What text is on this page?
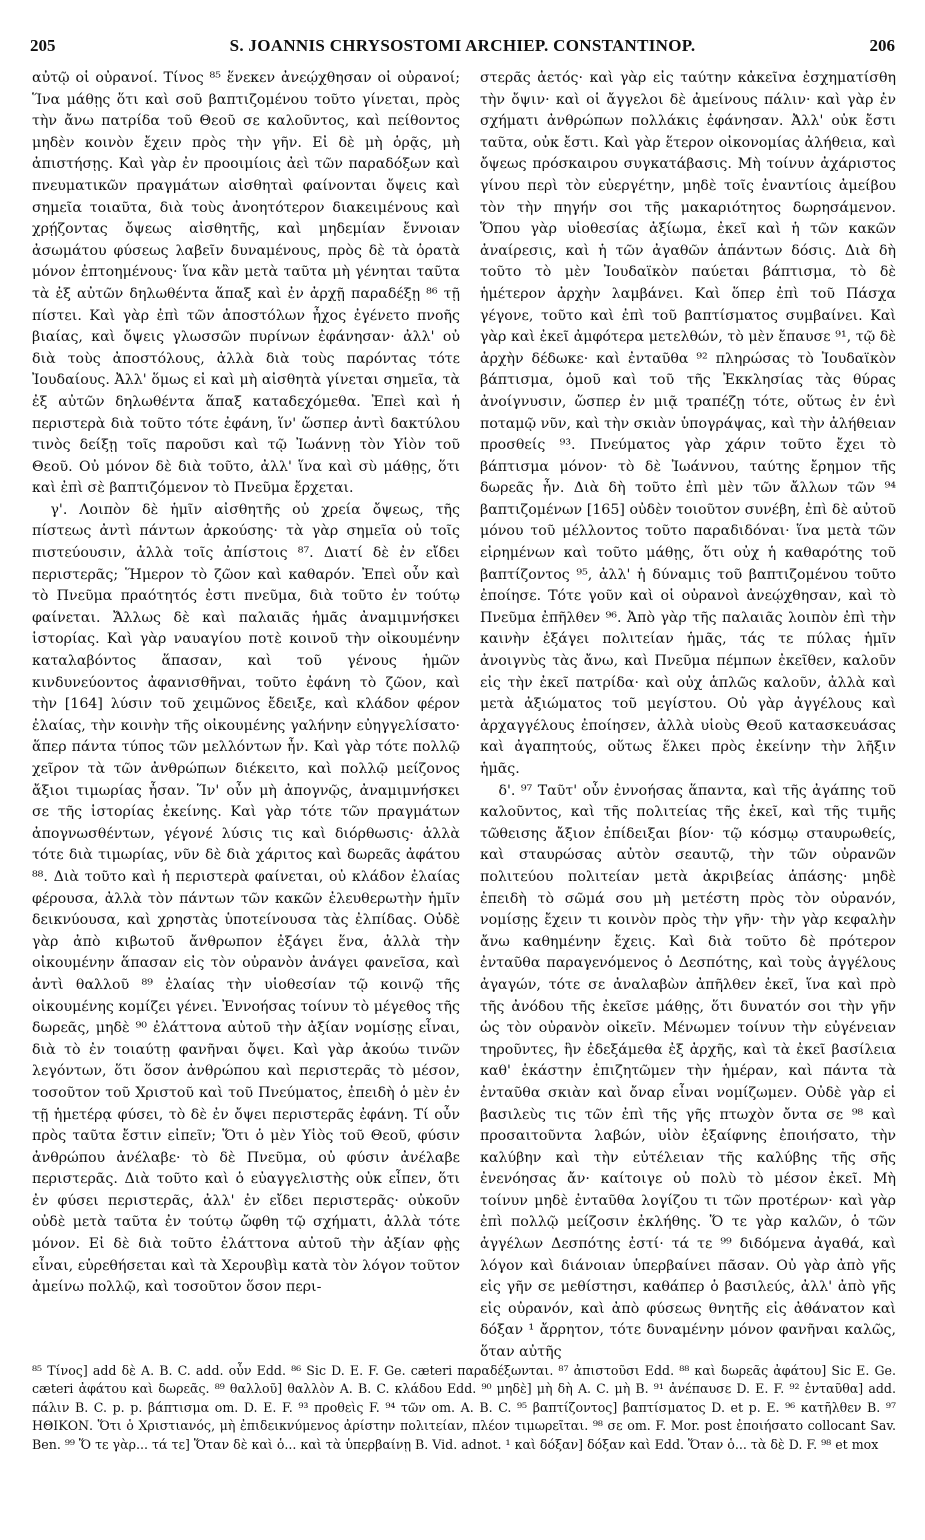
205	S. JOANNIS CHRYSOSTOMI ARCHIEP. CONSTANTINOP.	206

αὐτῷ οἱ οὐρανοί. Τίνος ⁸⁵ ἕνεκεν ἀνεῴχθησαν οἱ οὐρανοί; Ἵνα μάθῃς ὅτι καὶ σοῦ βαπτιζομένου τοῦτο γίνεται, πρὸς τὴν ἄνω πατρίδα τοῦ Θεοῦ σε καλοῦντος, καὶ πείθοντος μηδὲν κοινὸν ἔχειν πρὸς τὴν γῆν. Εἰ δὲ μὴ ὁρᾷς, μὴ ἀπιστήσῃς. Καὶ γὰρ ἐν προοιμίοις ἀεὶ τῶν παραδόξων καὶ πνευματικῶν πραγμάτων αἰσθηταὶ φαίνονται ὄψεις καὶ σημεῖα τοιαῦτα, διὰ τοὺς ἀνοητότερον διακειμένους καὶ χρῄζοντας ὄψεως αἰσθητῆς, καὶ μηδεμίαν ἔννοιαν ἀσωμάτου φύσεως λαβεῖν δυναμένους, πρὸς δὲ τὰ ὁρατὰ μόνον ἐπτοημένους· ἵνα κἂν μετὰ ταῦτα μὴ γένηται ταῦτα τὰ ἐξ αὐτῶν δηλωθέντα ἅπαξ καὶ ἐν ἀρχῇ παραδέξῃ ⁸⁶ τῇ πίστει. Καὶ γὰρ ἐπὶ τῶν ἀποστόλων ἦχος ἐγένετο πνοῆς βιαίας, καὶ ὄψεις γλωσσῶν πυρίνων ἐφάνησαν· ἀλλ' οὐ διὰ τοὺς ἀποστόλους, ἀλλὰ διὰ τοὺς παρόντας τότε Ἰουδαίους. Ἀλλ' ὅμως εἰ καὶ μὴ αἰσθητὰ γίνεται σημεῖα, τὰ ἐξ αὐτῶν δηλωθέντα ἅπαξ καταδεχόμεθα. Ἐπεὶ καὶ ἡ περιστερὰ διὰ τοῦτο τότε ἐφάνη, ἵν' ὥσπερ ἀντὶ δακτύλου τινὸς δείξῃ τοῖς παροῦσι καὶ τῷ Ἰωάννῃ τὸν Υἱὸν τοῦ Θεοῦ. Οὐ μόνον δὲ διὰ τοῦτο, ἀλλ' ἵνα καὶ σὺ μάθῃς, ὅτι καὶ ἐπὶ σὲ βαπτιζόμενον τὸ Πνεῦμα ἔρχεται.

γ'. Λοιπὸν δὲ ἡμῖν αἰσθητῆς οὐ χρεία ὄψεως, τῆς πίστεως ἀντὶ πάντων ἀρκούσης· τὰ γὰρ σημεῖα οὐ τοῖς πιστεύουσιν, ἀλλὰ τοῖς ἀπίστοις ⁸⁷. Διατί δὲ ἐν εἴδει περιστερᾶς; Ἥμερον τὸ ζῶον καὶ καθαρόν. Ἐπεὶ οὖν καὶ τὸ Πνεῦμα πραότητός ἐστι πνεῦμα, διὰ τοῦτο ἐν τούτῳ φαίνεται. Ἄλλως δὲ καὶ παλαιᾶς ἡμᾶς ἀναμιμνήσκει ἱστορίας. Καὶ γὰρ ναυαγίου ποτὲ κοινοῦ τὴν οἰκουμένην καταλαβόντος ἅπασαν, καὶ τοῦ γένους ἡμῶν κινδυνεύοντος ἀφανισθῆναι, τοῦτο ἐφάνη τὸ ζῶον, καὶ τὴν [164] λύσιν τοῦ χειμῶνος ἔδειξε, καὶ κλάδον φέρον ἐλαίας, τὴν κοινὴν τῆς οἰκουμένης γαλήνην εὐηγγελίσατο· ἅπερ πάντα τύπος τῶν μελλόντων ἦν. Καὶ γὰρ τότε πολλῷ χεῖρον τὰ τῶν ἀνθρώπων διέκειτο, καὶ πολλῷ μείζονος ἄξιοι τιμωρίας ἦσαν. Ἵν' οὖν μὴ ἀπογνῷς, ἀναμιμνήσκει σε τῆς ἱστορίας ἐκείνης. Καὶ γὰρ τότε τῶν πραγμάτων ἀπογνωσθέντων, γέγονέ λύσις τις καὶ διόρθωσις· ἀλλὰ τότε διὰ τιμωρίας, νῦν δὲ διὰ χάριτος καὶ δωρεᾶς ἀφάτου ⁸⁸. Διὰ τοῦτο καὶ ἡ περιστερὰ φαίνεται, οὐ κλάδον ἐλαίας φέρουσα, ἀλλὰ τὸν πάντων τῶν κακῶν ἐλευθερωτὴν ἡμῖν δεικνύουσα, καὶ χρηστὰς ὑποτείνουσα τὰς ἐλπίδας. Οὐδὲ γὰρ ἀπὸ κιβωτοῦ ἄνθρωπον ἐξάγει ἕνα, ἀλλὰ τὴν οἰκουμένην ἅπασαν εἰς τὸν οὐρανὸν ἀνάγει φανεῖσα, καὶ ἀντὶ θαλλοῦ ⁸⁹ ἐλαίας τὴν υἱοθεσίαν τῷ κοινῷ τῆς οἰκουμένης κομίζει γένει. Ἐννοήσας τοίνυν τὸ μέγεθος τῆς δωρεᾶς, μηδὲ ⁹⁰ ἐλάττονα αὐτοῦ τὴν ἀξίαν νομίσῃς εἶναι, διὰ τὸ ἐν τοιαύτῃ φανῆναι ὄψει. Καὶ γὰρ ἀκούω τινῶν λεγόντων, ὅτι ὅσον ἀνθρώπου καὶ περιστερᾶς τὸ μέσον, τοσοῦτον τοῦ Χριστοῦ καὶ τοῦ Πνεύματος, ἐπειδὴ ὁ μὲν ἐν τῇ ἡμετέρᾳ φύσει, τὸ δὲ ἐν ὄψει περιστερᾶς ἐφάνη. Τί οὖν πρὸς ταῦτα ἔστιν εἰπεῖν; Ὅτι ὁ μὲν Υἱὸς τοῦ Θεοῦ, φύσιν ἀνθρώπου ἀνέλαβε· τὸ δὲ Πνεῦμα, οὐ φύσιν ἀνέλαβε περιστερᾶς. Διὰ τοῦτο καὶ ὁ εὐαγγελιστὴς οὐκ εἶπεν, ὅτι ἐν φύσει περιστερᾶς, ἀλλ' ἐν εἴδει περιστερᾶς· οὐκοῦν οὐδὲ μετὰ ταῦτα ἐν τούτῳ ὤφθη τῷ σχήματι, ἀλλὰ τότε μόνον. Εἰ δὲ διὰ τοῦτο ἐλάττονα αὐτοῦ τὴν ἀξίαν φῂς εἶναι, εὑρεθήσεται καὶ τὰ Χερουβὶμ κατὰ τὸν λόγον τοῦτον ἀμείνω πολλῷ, καὶ τοσοῦτον ὅσον περι-

στερᾶς ἀετός· καὶ γὰρ εἰς ταύτην κἀκεῖνα ἐσχηματίσθη τὴν ὄψιν· καὶ οἱ ἄγγελοι δὲ ἀμείνους πάλιν· καὶ γὰρ ἐν σχήματι ἀνθρώπων πολλάκις ἐφάνησαν. Ἀλλ' οὐκ ἔστι ταῦτα, οὐκ ἔστι. Καὶ γὰρ ἕτερον οἰκονομίας ἀλήθεια, καὶ ὄψεως πρόσκαιρου συγκατάβασις. Μὴ τοίνυν ἀχάριστος γίνου περὶ τὸν εὐεργέτην, μηδὲ τοῖς ἐναντίοις ἀμείβου τὸν τὴν πηγήν σοι τῆς μακαριότητος δωρησάμενον. Ὅπου γὰρ υἱοθεσίας ἀξίωμα, ἐκεῖ καὶ ἡ τῶν κακῶν ἀναίρεσις, καὶ ἡ τῶν ἀγαθῶν ἁπάντων δόσις. Διὰ δὴ τοῦτο τὸ μὲν Ἰουδαϊκὸν παύεται βάπτισμα, τὸ δὲ ἡμέτερον ἀρχὴν λαμβάνει. Καὶ ὅπερ ἐπὶ τοῦ Πάσχα γέγονε, τοῦτο καὶ ἐπὶ τοῦ βαπτίσματος συμβαίνει. Καὶ γὰρ καὶ ἐκεῖ ἀμφότερα μετελθών, τὸ μὲν ἔπαυσε ⁹¹, τῷ δὲ ἀρχὴν δέδωκε· καὶ ἐνταῦθα ⁹² πληρώσας τὸ Ἰουδαϊκὸν βάπτισμα, ὁμοῦ καὶ τοῦ τῆς Ἐκκλησίας τὰς θύρας ἀνοίγνυσιν, ὥσπερ ἐν μιᾷ τραπέζῃ τότε, οὕτως ἐν ἑνὶ ποταμῷ νῦν, καὶ τὴν σκιὰν ὑπογράψας, καὶ τὴν ἀλήθειαν προσθείς ⁹³. Πνεύματος γὰρ χάριν τοῦτο ἔχει τὸ βάπτισμα μόνον· τὸ δὲ Ἰωάννου, ταύτης ἔρημον τῆς δωρεᾶς ἦν. Διὰ δὴ τοῦτο ἐπὶ μὲν τῶν ἄλλων τῶν ⁹⁴ βαπτιζομένων [165] οὐδὲν τοιοῦτον συνέβη, ἐπὶ δὲ αὐτοῦ μόνου τοῦ μέλλοντος τοῦτο παραδιδόναι· ἵνα μετὰ τῶν εἰρημένων καὶ τοῦτο μάθῃς, ὅτι οὐχ ἡ καθαρότης τοῦ βαπτίζοντος ⁹⁵, ἀλλ' ἡ δύναμις τοῦ βαπτιζομένου τοῦτο ἐποίησε. Τότε γοῦν καὶ οἱ οὐρανοὶ ἀνεῴχθησαν, καὶ τὸ Πνεῦμα ἐπῆλθεν ⁹⁶. Ἀπὸ γὰρ τῆς παλαιᾶς λοιπὸν ἐπὶ τὴν καινὴν ἐξάγει πολιτείαν ἡμᾶς, τάς τε πύλας ἡμῖν ἀνοιγνὺς τὰς ἄνω, καὶ Πνεῦμα πέμπων ἐκεῖθεν, καλοῦν εἰς τὴν ἐκεῖ πατρίδα· καὶ οὐχ ἁπλῶς καλοῦν, ἀλλὰ καὶ μετὰ ἀξιώματος τοῦ μεγίστου. Οὐ γὰρ ἀγγέλους καὶ ἀρχαγγέλους ἐποίησεν, ἀλλὰ υἱοὺς Θεοῦ κατασκευάσας καὶ ἀγαπητούς, οὕτως ἕλκει πρὸς ἐκείνην τὴν λῆξιν ἡμᾶς.

δ'. ⁹⁷ Ταῦτ' οὖν ἐννοήσας ἅπαντα, καὶ τῆς ἀγάπης τοῦ καλοῦντος, καὶ τῆς πολιτείας τῆς ἐκεῖ, καὶ τῆς τιμῆς τῶθεισης ἄξιον ἐπίδειξαι βίον· τῷ κόσμῳ σταυρωθείς, καὶ σταυρώσας αὐτὸν σεαυτῷ, τὴν τῶν οὐρανῶν πολιτεύου πολιτείαν μετὰ ἀκριβείας ἁπάσης· μηδὲ ἐπειδὴ τὸ σῶμά σου μὴ μετέστη πρὸς τὸν οὐρανόν, νομίσῃς ἔχειν τι κοινὸν πρὸς τὴν γῆν· τὴν γὰρ κεφαλὴν ἄνω καθημένην ἔχεις. Καὶ διὰ τοῦτο δὲ πρότερον ἐνταῦθα παραγενόμενος ὁ Δεσπότης, καὶ τοὺς ἀγγέλους ἀγαγών, τότε σε ἀναλαβὼν ἀπῆλθεν ἐκεῖ, ἵνα καὶ πρὸ τῆς ἀνόδου τῆς ἐκεῖσε μάθῃς, ὅτι δυνατόν σοι τὴν γῆν ὡς τὸν οὐρανὸν οἰκεῖν. Μένωμεν τοίνυν τὴν εὐγένειαν τηροῦντες, ἣν ἐδεξάμεθα ἐξ ἀρχῆς, καὶ τὰ ἐκεῖ βασίλεια καθ' ἑκάστην ἐπιζητῶμεν τὴν ἡμέραν, καὶ πάντα τὰ ἐνταῦθα σκιὰν καὶ ὄναρ εἶναι νομίζωμεν. Οὐδὲ γὰρ εἰ βασιλεὺς τις τῶν ἐπὶ τῆς γῆς πτωχὸν ὄντα σε ⁹⁸ καὶ προσαιτοῦντα λαβών, υἱὸν ἐξαίφνης ἐποιήσατο, τὴν καλύβην καὶ τὴν εὐτέλειαν τῆς καλύβης τῆς σῆς ἐνενόησας ἄν· καίτοιγε οὐ πολὺ τὸ μέσον ἐκεῖ. Μὴ τοίνυν μηδὲ ἐνταῦθα λογίζου τι τῶν προτέρων· καὶ γὰρ ἐπὶ πολλῷ μείζοσιν ἐκλήθης. Ὅ τε γὰρ καλῶν, ὁ τῶν ἀγγέλων Δεσπότης ἐστί· τά τε ⁹⁹ διδόμενα ἀγαθά, καὶ λόγον καὶ διάνοιαν ὑπερβαίνει πᾶσαν. Οὐ γὰρ ἀπὸ γῆς εἰς γῆν σε μεθίστησι, καθάπερ ὁ βασιλεύς, ἀλλ' ἀπὸ γῆς εἰς οὐρανόν, καὶ ἀπὸ φύσεως θνητῆς εἰς ἀθάνατον καὶ δόξαν ¹ ἄρρητον, τότε δυναμένην μόνον φανῆναι καλῶς, ὅταν αὐτῆς

⁸⁵ Τίνος] add δὲ A. B. C. add. οὖν Edd. ⁸⁶ Sic D. E. F. Ge. cæteri παραδέξωνται. ⁸⁷ ἀπιστοῦσι Edd. ⁸⁸ καὶ δωρεᾶς ἀφάτου] Sic E. Ge. cæteri ἀφάτου καὶ δωρεᾶς. ⁸⁹ θαλλοῦ] θαλλὸν A. B. C. κλάδου Edd. ⁹⁰ μηδὲ] μὴ δὴ A. C. μὴ B. ⁹¹ ἀνέπαυσε D. E. F. ⁹² ἐνταῦθα] add. πάλιν B. C. p. p. βάπτισμα om. D. E. F. ⁹³ προθεὶς F. ⁹⁴ τῶν om. A. B. C. ⁹⁵ βαπτίζοντος] βαπτίσματος D. et p. E. ⁹⁶ κατῆλθεν B. ⁹⁷ ΗΘΙΚΟΝ. Ὅτι ὁ Χριστιανός, μὴ ἐπιδεικνύμενος ἀρίστην πολιτείαν, πλέον τιμωρεῖται. ⁹⁸ σε om. F. Mor. post ἐποιήσατο collocant Sav. Ben. ⁹⁹ Ὅ τε γὰρ... τά τε] Ὅταν δὲ καὶ ὁ... καὶ τὰ ὑπερβαίνῃ B. Vid. adnot. ¹ καὶ δόξαν] δόξαν καὶ Edd. Ὅταν ὁ... τὰ δὲ D. F. ⁹⁸ et mox
